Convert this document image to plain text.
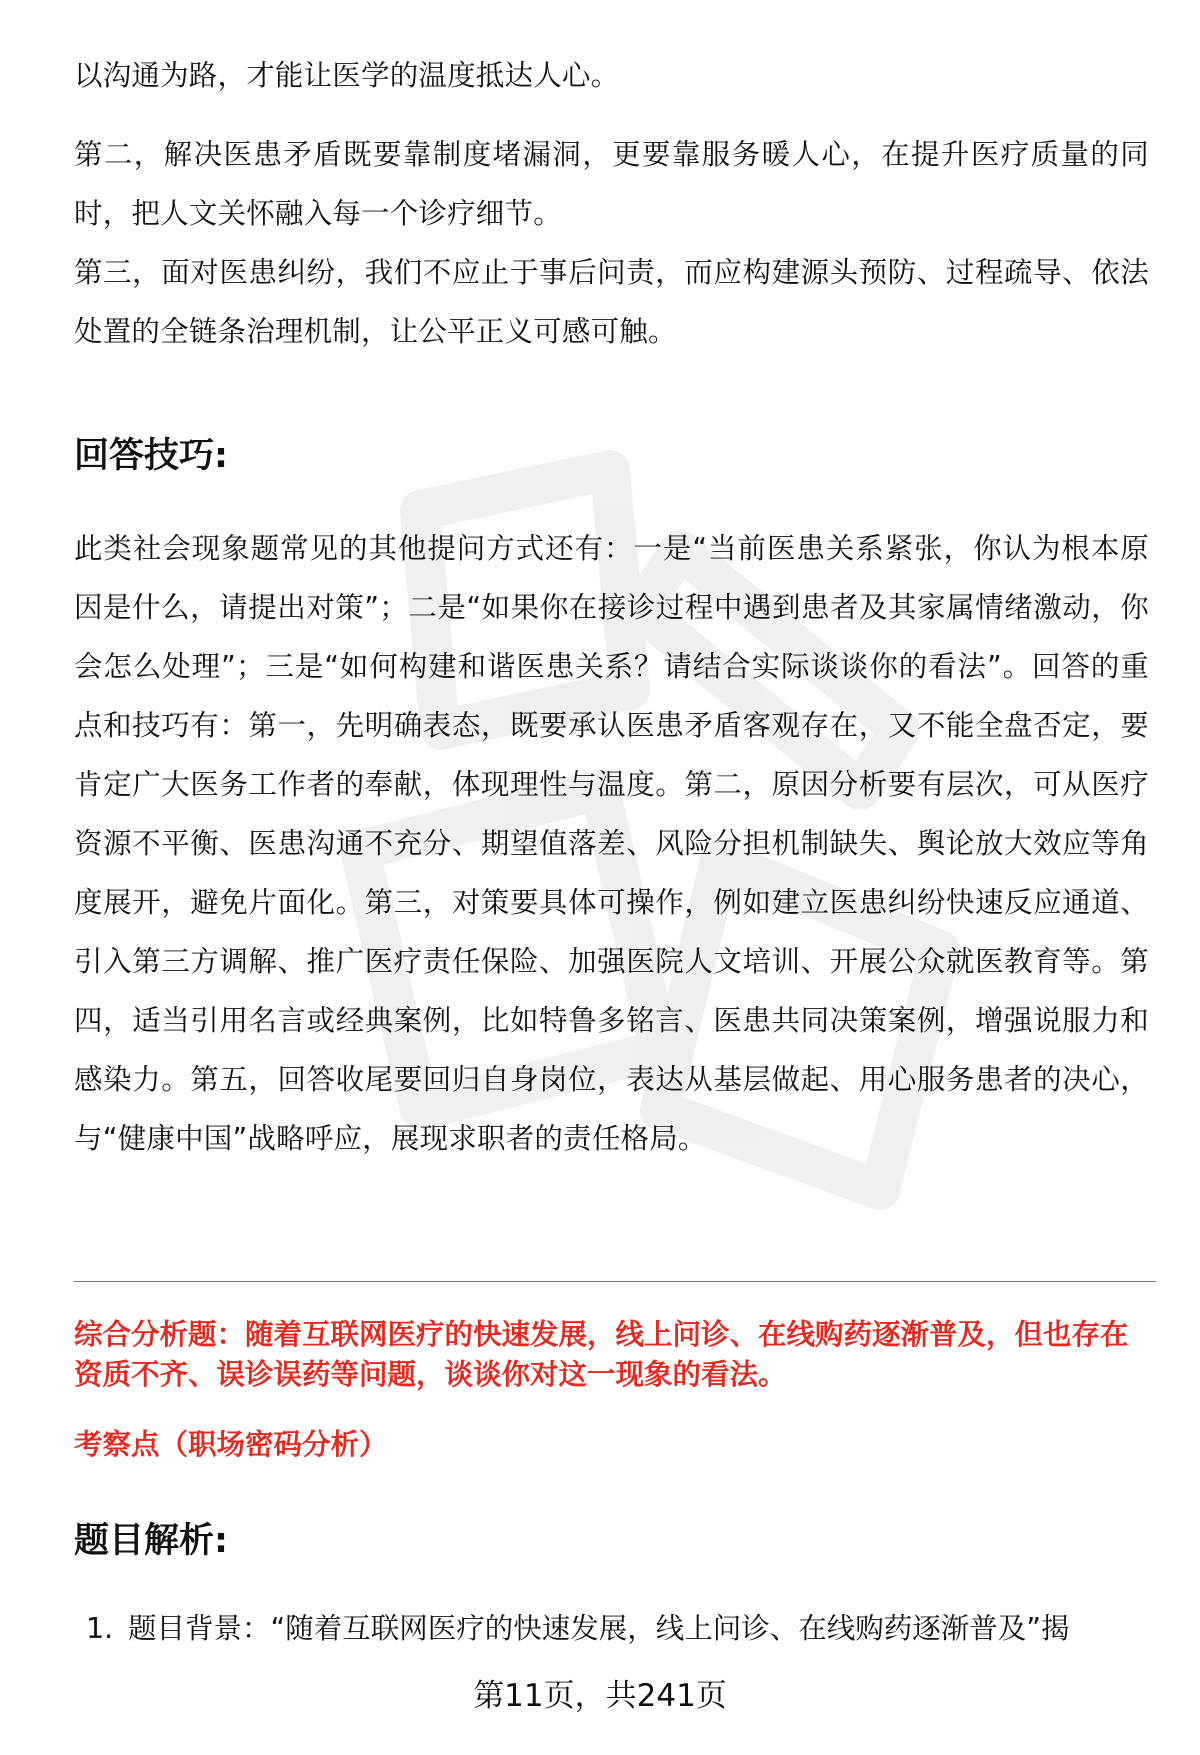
以沟通为路，才能让医学的温度抵达人心。

第二，解决医患矛盾既要靠制度堵漏洞，更要靠服务暖人心，在提升医疗质量的同时，把人文关怀融入每一个诊疗细节。

第三，面对医患纠纷，我们不应止于事后问责，而应构建源头预防、过程疏导、依法处置的全链条治理机制，让公平正义可感可触。

回答技巧:

此类社会现象题常见的其他提问方式还有：一是“当前医患关系紧张，你认为根本原因是什么，请提出对策”；二是“如果你在接诊过程中遇到患者及其家属情绪激动，你会怎么处理”；三是“如何构建和谐医患关系？请结合实际谈谈你的看法”。回答的重点和技巧有：第一，先明确表态，既要承认医患矛盾客观存在，又不能全盘否定，要肯定广大医务工作者的奉献，体现理性与温度。第二，原因分析要有层次，可从医疗资源不平衡、医患沟通不充分、期望值落差、风险分担机制缺失、舆论放大效应等角度展开，避免片面化。第三，对策要具体可操作，例如建立医患纠纷快速反应通道、引入第三方调解、推广医疗责任保险、加强医院人文培训、开展公众就医教育等。第四，适当引用名言或经典案例，比如特鲁多铭言、医患共同决策案例，增强说服力和感染力。第五，回答收尾要回归自身岗位，表达从基层做起、用心服务患者的决心，与“健康中国”战略呼应，展现求职者的责任格局。

综合分析题：随着互联网医疗的快速发展，线上问诊、在线购药逐渐普及，但也存在资质不齐、误诊误药等问题，谈谈你对这一现象的看法。

考察点（职场密码分析）

题目解析:

1. 题目背景：“随着互联网医疗的快速发展，线上问诊、在线购药逐渐普及”揭

第11页，共241页
